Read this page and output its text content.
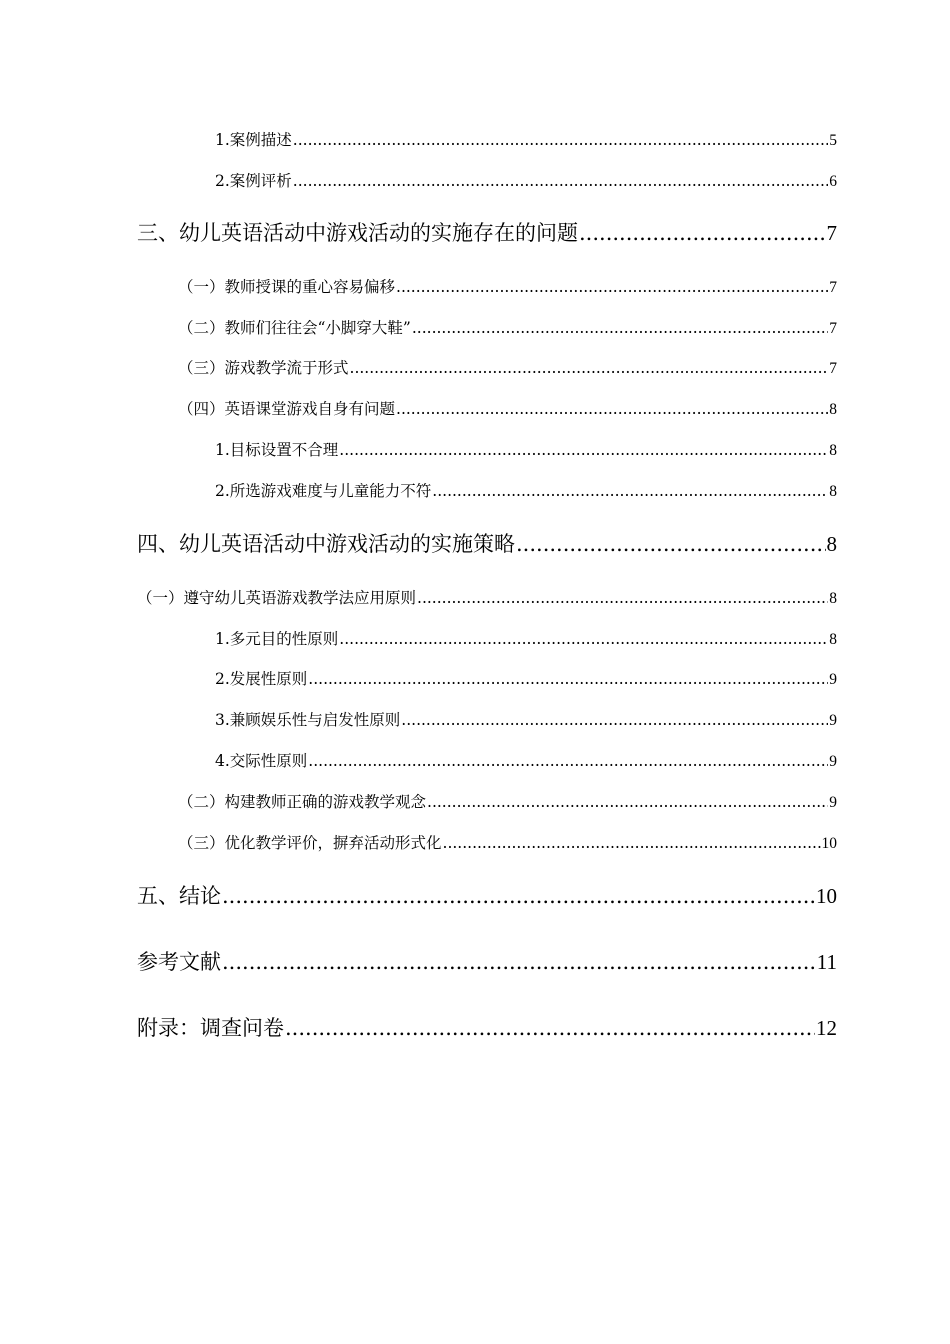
1.案例描述 .....	5
2.案例评析 .....	6
三、幼儿英语活动中游戏活动的实施存在的问题 .....	7
（一）教师授课的重心容易偏移 .....	7
（二）教师们往往会“小脚穿大鞋” .....	7
（三）游戏教学流于形式 .....	7
（四）英语课堂游戏自身有问题 .....	8
1.目标设置不合理 .....	8
2.所选游戏难度与儿童能力不符 .....	8
四、幼儿英语活动中游戏活动的实施策略 .....	8
（一）遵守幼儿英语游戏教学法应用原则 .....	8
1.多元目的性原则 .....	8
2.发展性原则 .....	9
3.兼顾娱乐性与启发性原则 .....	9
4.交际性原则 .....	9
（二）构建教师正确的游戏教学观念 .....	9
（三）优化教学评价，摒弃活动形式化 .....	10
五、结论 .....	10
参考文献 .....	11
附录：调查问卷 .....	12
